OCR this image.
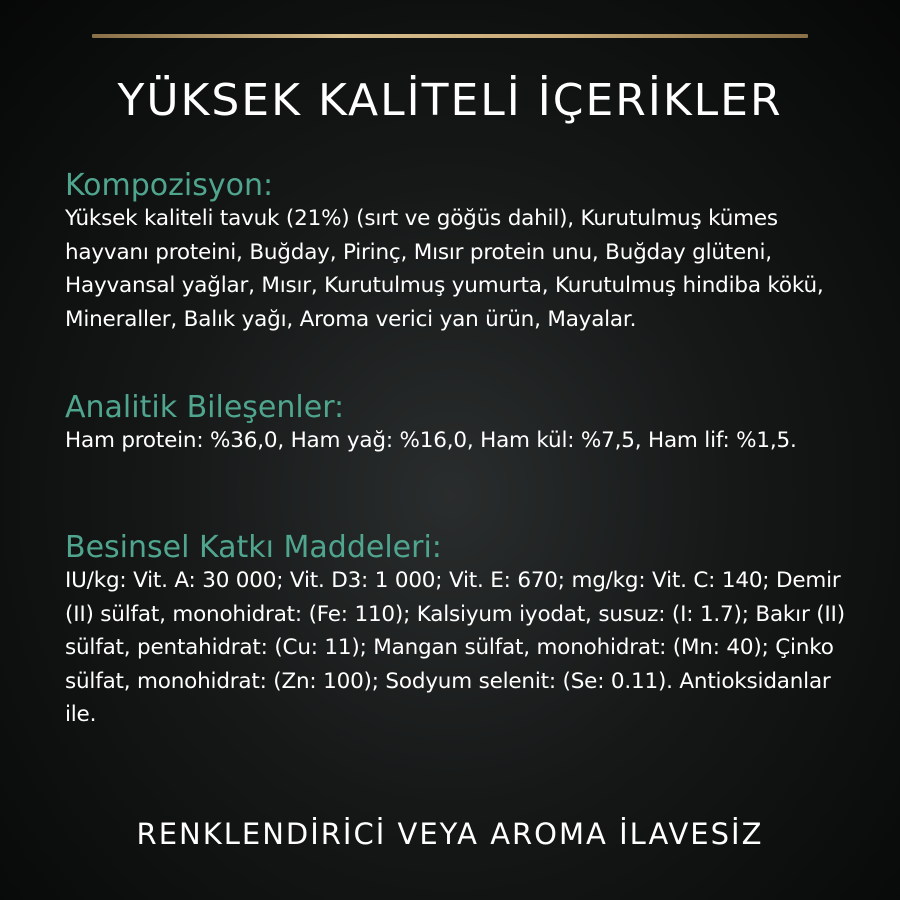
YÜKSEK KALİTELİ İÇERİKLER
Kompozisyon:

Yüksek kaliteli tavuk (21%) (sırt ve göğüs dahil), Kurutulmuş kümes hayvanı proteini, Buğday, Pirinç, Mısır protein unu, Buğday glüteni, Hayvansal yağlar, Mısır, Kurutulmuş yumurta, Kurutulmuş hindiba kökü, Mineraller, Balık yağı, Aroma verici yan ürün, Mayalar.

Analitik Bileşenler:

Ham protein: %36,0, Ham yağ: %16,0, Ham kül: %7,5, Ham lif: %1,5.

Besinsel Katkı Maddeleri:

IU/kg: Vit. A: 30 000; Vit. D3: 1 000; Vit. E: 670; mg/kg: Vit. C: 140; Demir (II) sülfat, monohidrat: (Fe: 110); Kalsiyum iyodat, susuz: (I: 1.7); Bakır (II) sülfat, pentahidrat: (Cu: 11); Mangan sülfat, monohidrat: (Mn: 40); Çinko sülfat, monohidrat: (Zn: 100); Sodyum selenit: (Se: 0.11). Antioksidanlar ile.

RENKLENDİRİCİ VEYA AROMA İLAVESİZ
